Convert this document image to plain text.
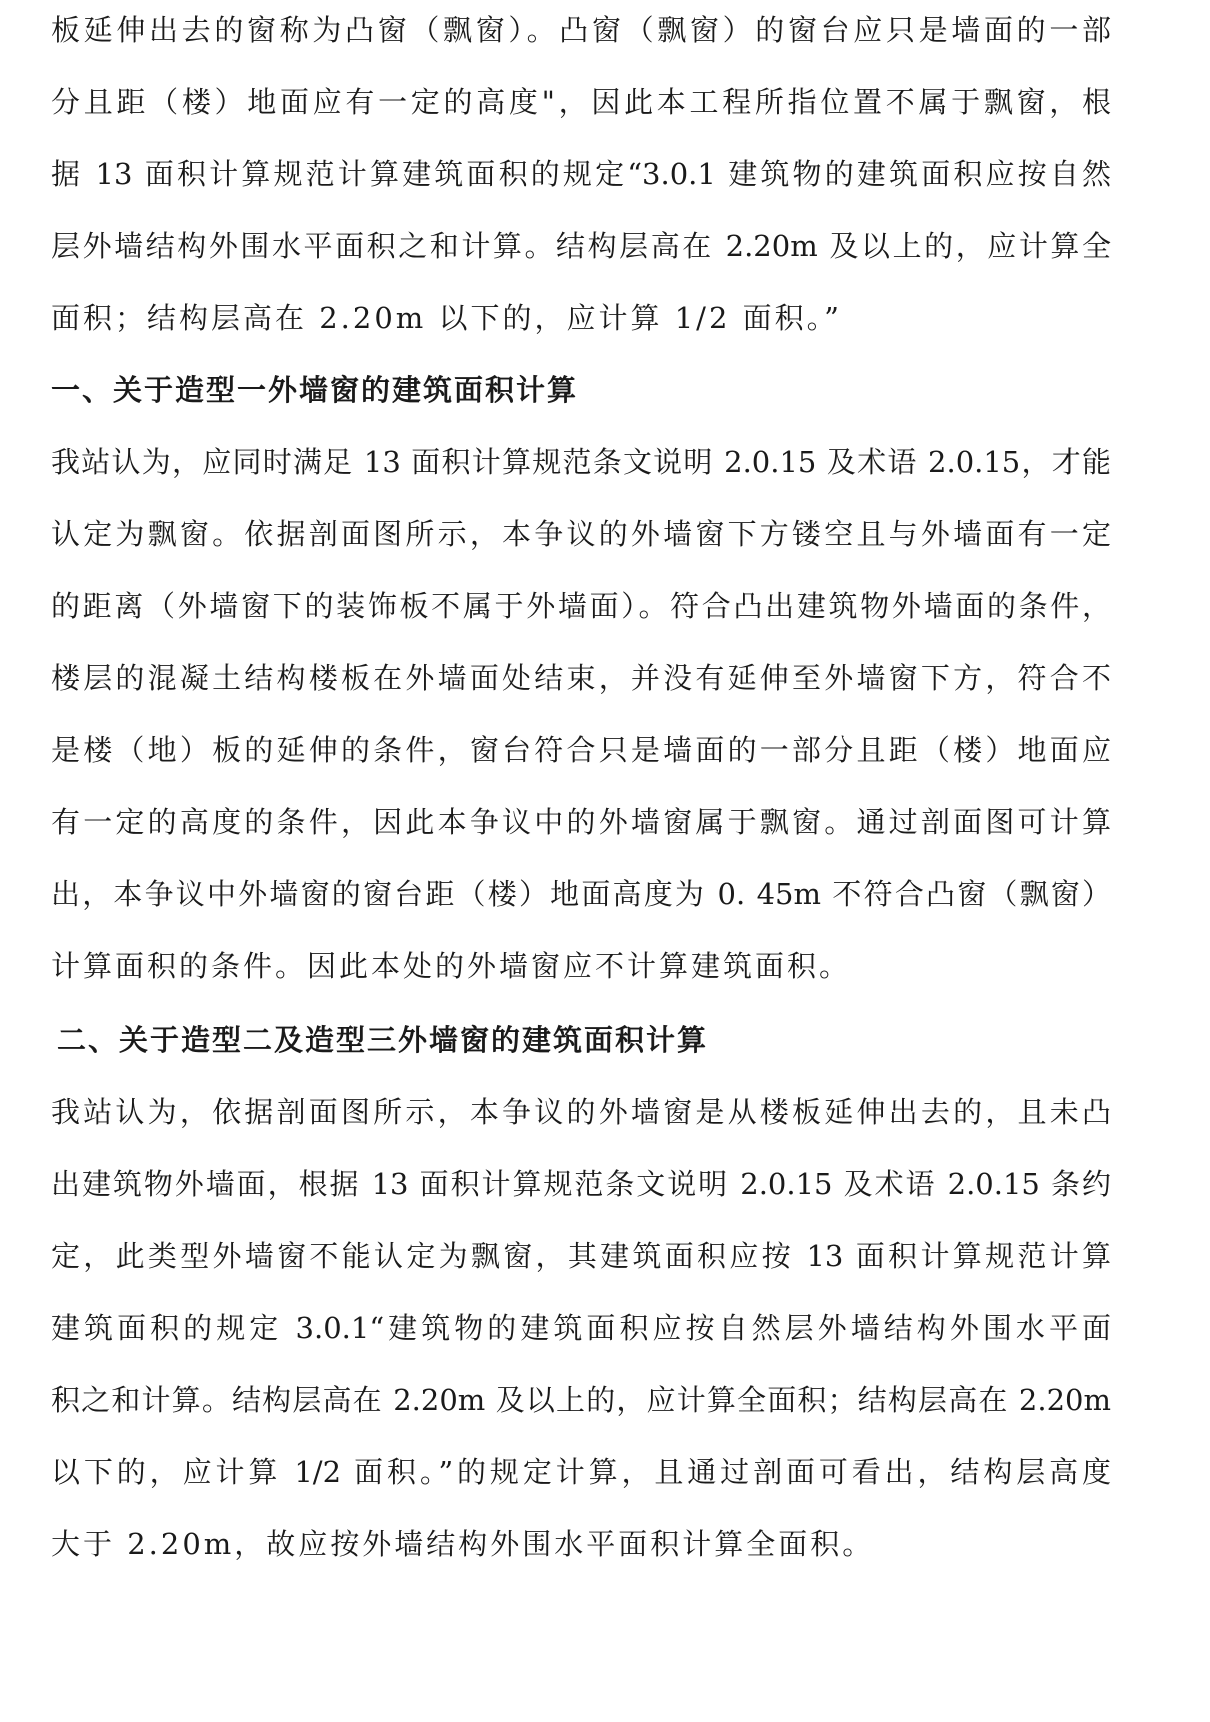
板延伸出去的窗称为凸窗（飘窗）。凸窗（飘窗）的窗台应只是墙面的一部
分且距（楼）地面应有一定的高度"，因此本工程所指位置不属于飘窗，根
据 13 面积计算规范计算建筑面积的规定“3.0.1 建筑物的建筑面积应按自然
层外墙结构外围水平面积之和计算。结构层高在 2.20m 及以上的，应计算全
面积；结构层高在 2.20m 以下的，应计算 1/2 面积。”
一、关于造型一外墙窗的建筑面积计算
我站认为，应同时满足 13 面积计算规范条文说明 2.0.15 及术语 2.0.15，才能
认定为飘窗。依据剖面图所示，本争议的外墙窗下方镂空且与外墙面有一定
的距离（外墙窗下的装饰板不属于外墙面）。符合凸出建筑物外墙面的条件，
楼层的混凝土结构楼板在外墙面处结束，并没有延伸至外墙窗下方，符合不
是楼（地）板的延伸的条件，窗台符合只是墙面的一部分且距（楼）地面应
有一定的高度的条件，因此本争议中的外墙窗属于飘窗。通过剖面图可计算
出，本争议中外墙窗的窗台距（楼）地面高度为 0. 45m 不符合凸窗（飘窗）
计算面积的条件。因此本处的外墙窗应不计算建筑面积。
二、关于造型二及造型三外墙窗的建筑面积计算
我站认为，依据剖面图所示，本争议的外墙窗是从楼板延伸出去的，且未凸
出建筑物外墙面，根据 13 面积计算规范条文说明 2.0.15 及术语 2.0.15 条约
定，此类型外墙窗不能认定为飘窗，其建筑面积应按 13 面积计算规范计算
建筑面积的规定 3.0.1“建筑物的建筑面积应按自然层外墙结构外围水平面
积之和计算。结构层高在 2.20m 及以上的，应计算全面积；结构层高在 2.20m
以下的，应计算 1/2 面积。”的规定计算，且通过剖面可看出，结构层高度
大于 2.20m，故应按外墙结构外围水平面积计算全面积。
